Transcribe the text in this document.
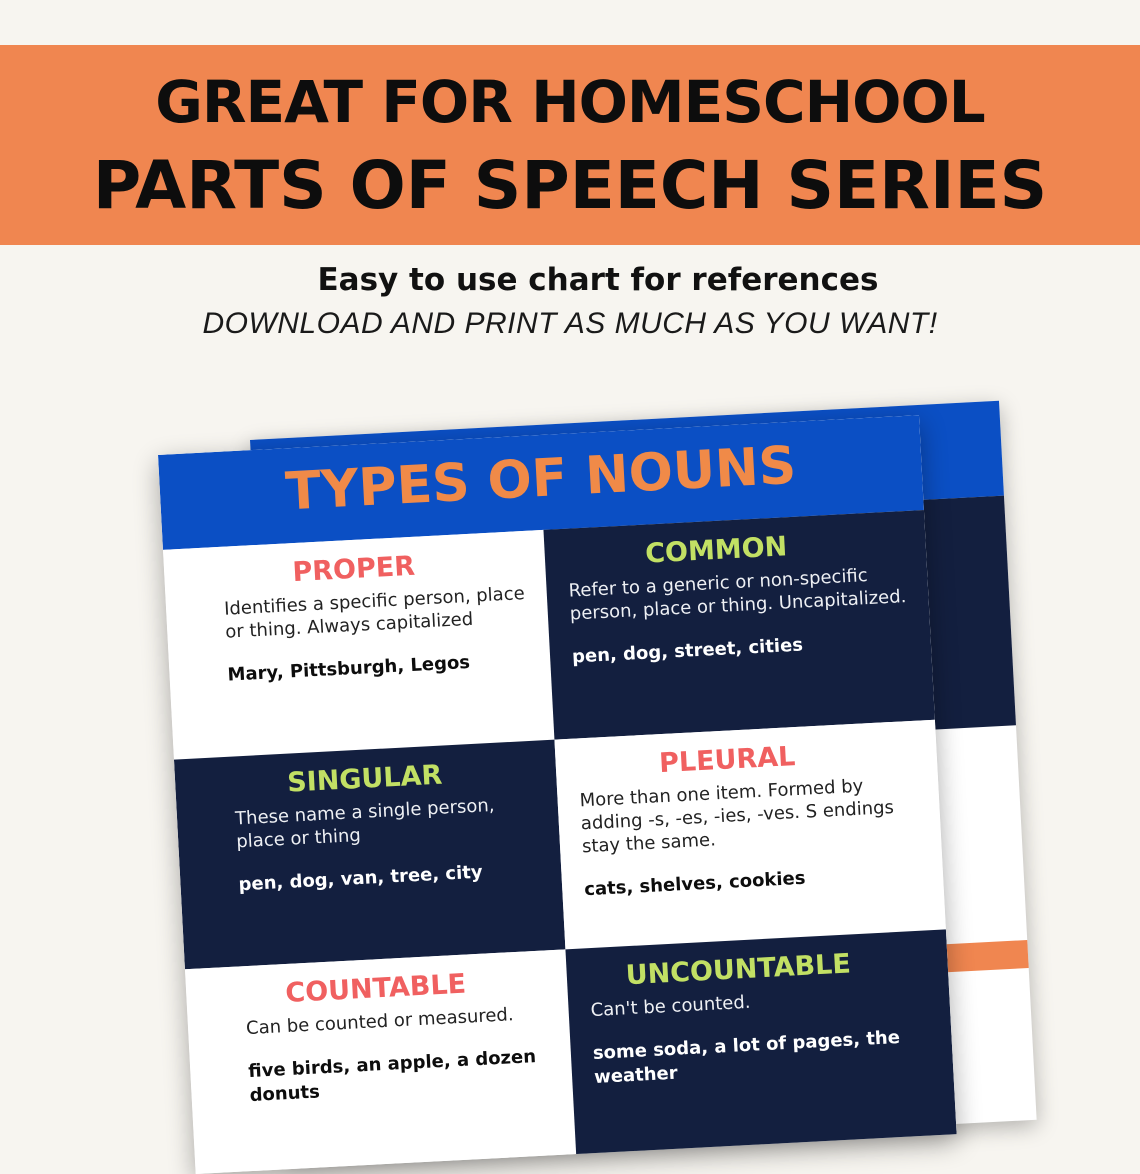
GREAT FOR HOMESCHOOL
PARTS OF SPEECH SERIES
Easy to use chart for references
DOWNLOAD AND PRINT AS MUCH AS YOU WANT!
TYPES OF NOUNS
PROPER
Identifies a specific person, place or thing. Always capitalized
Mary, Pittsburgh, Legos
COMMON
Refer to a generic or non-specific person, place or thing. Uncapitalized.
pen, dog, street, cities
SINGULAR
These name a single person, place or thing
pen, dog, van, tree, city
PLEURAL
More than one item. Formed by adding -s, -es, -ies, -ves. S endings stay the same.
cats, shelves, cookies
COUNTABLE
Can be counted or measured.
five birds, an apple, a dozen donuts
UNCOUNTABLE
Can't be counted.
some soda, a lot of pages, the weather
